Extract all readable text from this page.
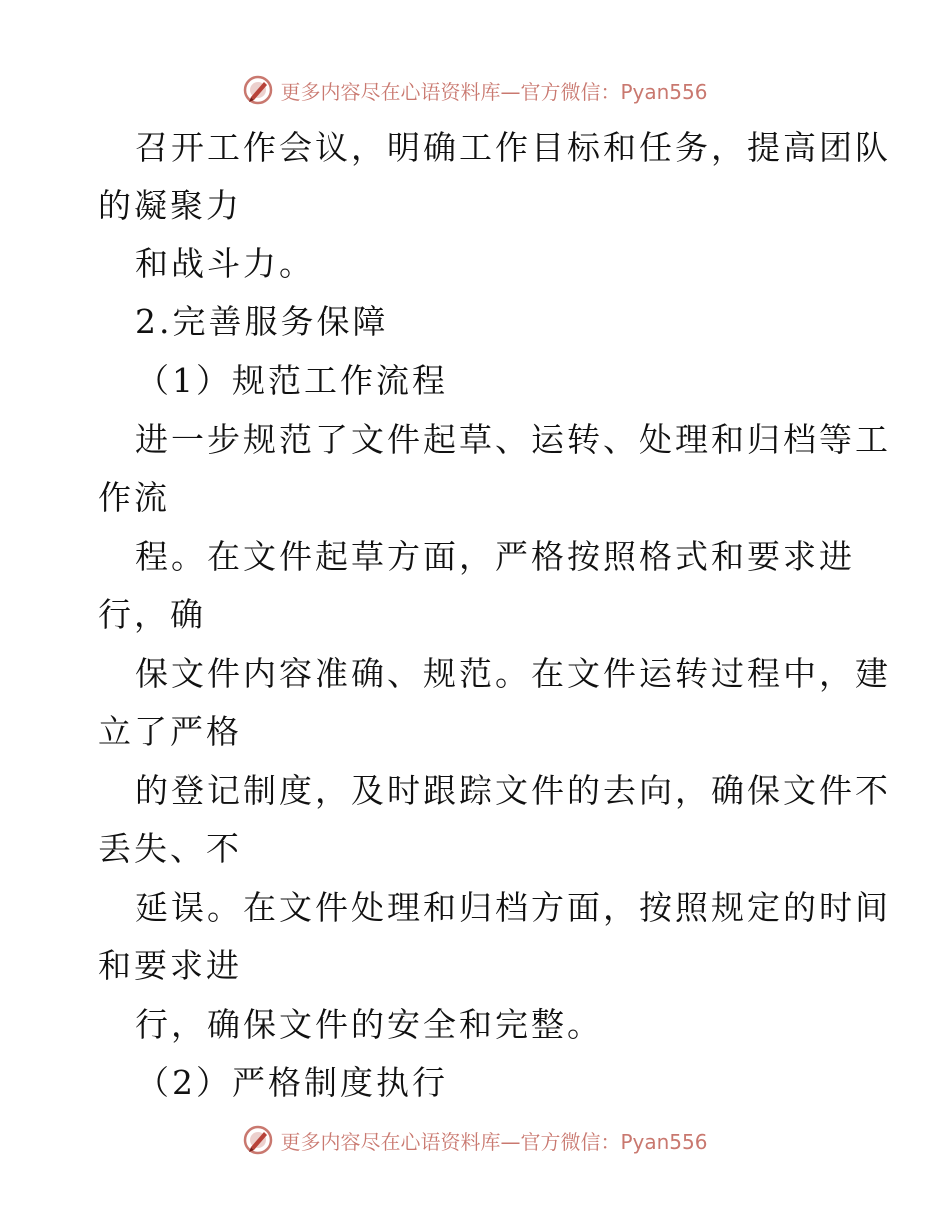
更多内容尽在心语资料库—官方微信：Pyan556
召开工作会议，明确工作目标和任务，提高团队
的凝聚力
和战斗力。
2.完善服务保障
（1）规范工作流程
进一步规范了文件起草、运转、处理和归档等工
作流
程。在文件起草方面，严格按照格式和要求进
行，确
保文件内容准确、规范。在文件运转过程中，建
立了严格
的登记制度，及时跟踪文件的去向，确保文件不
丢失、不
延误。在文件处理和归档方面，按照规定的时间
和要求进
行，确保文件的安全和完整。
（2）严格制度执行
更多内容尽在心语资料库—官方微信：Pyan556
